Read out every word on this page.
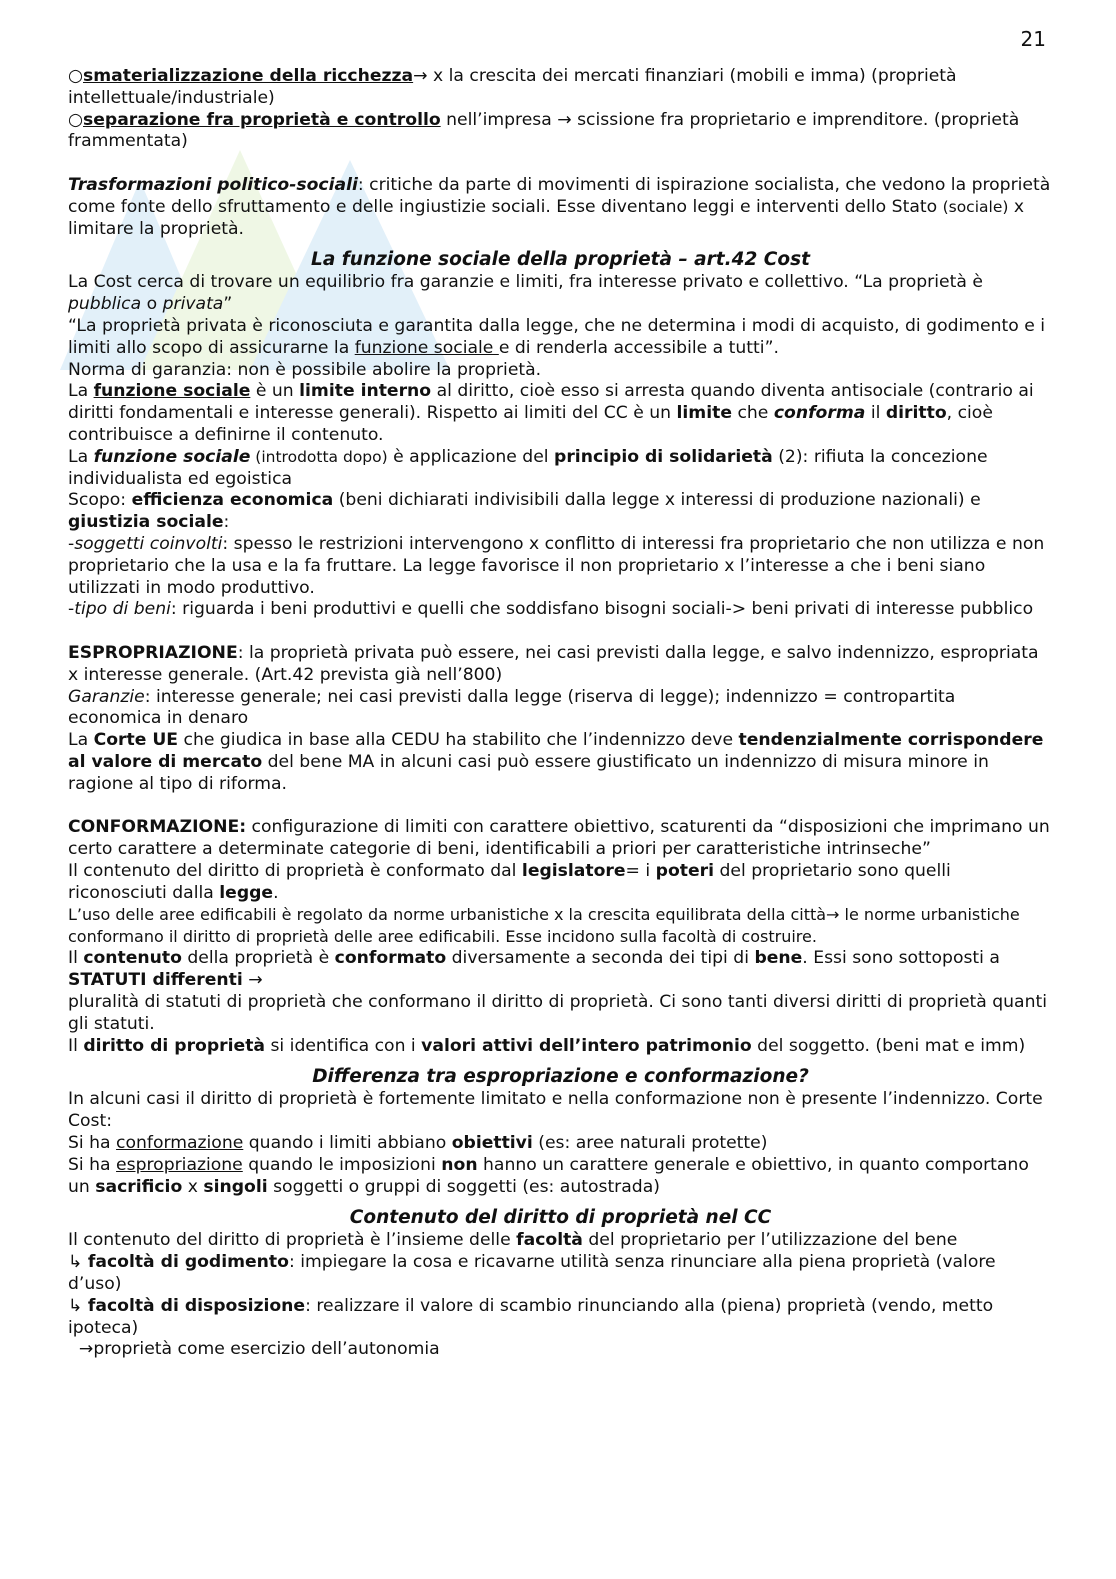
21

○smaterializzazione della ricchezza→ x la crescita dei mercati finanziari (mobili e imma) (proprietà intellettuale/industriale)

○separazione fra proprietà e controllo nell’impresa → scissione fra proprietario e imprenditore. (proprietà frammentata)

Trasformazioni politico-sociali: critiche da parte di movimenti di ispirazione socialista, che vedono la proprietà come fonte dello sfruttamento e delle ingiustizie sociali. Esse diventano leggi e interventi dello Stato (sociale) x limitare la proprietà.

La funzione sociale della proprietà – art.42 Cost

La Cost cerca di trovare un equilibrio fra garanzie e limiti, fra interesse privato e collettivo. “La proprietà è pubblica o privata”

“La proprietà privata è riconosciuta e garantita dalla legge, che ne determina i modi di acquisto, di godimento e i limiti allo scopo di assicurarne la funzione sociale e di renderla accessibile a tutti”.

Norma di garanzia: non è possibile abolire la proprietà.

La funzione sociale è un limite interno al diritto, cioè esso si arresta quando diventa antisociale (contrario ai diritti fondamentali e interesse generali). Rispetto ai limiti del CC è un limite che conforma il diritto, cioè contribuisce a definirne il contenuto.

La funzione sociale (introdotta dopo) è applicazione del principio di solidarietà (2): rifiuta la concezione individualista ed egoistica

Scopo: efficienza economica (beni dichiarati indivisibili dalla legge x interessi di produzione nazionali) e giustizia sociale:

-soggetti coinvolti: spesso le restrizioni intervengono x conflitto di interessi fra proprietario che non utilizza e non proprietario che la usa e la fa fruttare. La legge favorisce il non proprietario x l’interesse a che i beni siano utilizzati in modo produttivo.

-tipo di beni: riguarda i beni produttivi e quelli che soddisfano bisogni sociali-> beni privati di interesse pubblico

ESPROPRIAZIONE: la proprietà privata può essere, nei casi previsti dalla legge, e salvo indennizzo, espropriata x interesse generale. (Art.42 prevista già nell’800)

Garanzie: interesse generale; nei casi previsti dalla legge (riserva di legge); indennizzo = contropartita economica in denaro

La Corte UE che giudica in base alla CEDU ha stabilito che l’indennizzo deve tendenzialmente corrispondere al valore di mercato del bene MA in alcuni casi può essere giustificato un indennizzo di misura minore in ragione al tipo di riforma.

CONFORMAZIONE: configurazione di limiti con carattere obiettivo, scaturenti da “disposizioni che imprimano un certo carattere a determinate categorie di beni, identificabili a priori per caratteristiche intrinseche”

Il contenuto del diritto di proprietà è conformato dal legislatore= i poteri del proprietario sono quelli riconosciuti dalla legge.

L’uso delle aree edificabili è regolato da norme urbanistiche x la crescita equilibrata della città→ le norme urbanistiche conformano il diritto di proprietà delle aree edificabili. Esse incidono sulla facoltà di costruire.

Il contenuto della proprietà è conformato diversamente a seconda dei tipi di bene. Essi sono sottoposti a STATUTI differenti →

pluralità di statuti di proprietà che conformano il diritto di proprietà. Ci sono tanti diversi diritti di proprietà quanti gli statuti.

Il diritto di proprietà si identifica con i valori attivi dell’intero patrimonio del soggetto. (beni mat e imm)

Differenza tra espropriazione e conformazione?

In alcuni casi il diritto di proprietà è fortemente limitato e nella conformazione non è presente l’indennizzo. Corte Cost:

Si ha conformazione quando i limiti abbiano obiettivi (es: aree naturali protette)

Si ha espropriazione quando le imposizioni non hanno un carattere generale e obiettivo, in quanto comportano un sacrificio x singoli soggetti o gruppi di soggetti (es: autostrada)

Contenuto del diritto di proprietà nel CC

Il contenuto del diritto di proprietà è l’insieme delle facoltà del proprietario per l’utilizzazione del bene

↳ facoltà di godimento: impiegare la cosa e ricavarne utilità senza rinunciare alla piena proprietà (valore d’uso)

↳ facoltà di disposizione: realizzare il valore di scambio rinunciando alla (piena) proprietà (vendo, metto ipoteca)

→proprietà come esercizio dell’autonomia
